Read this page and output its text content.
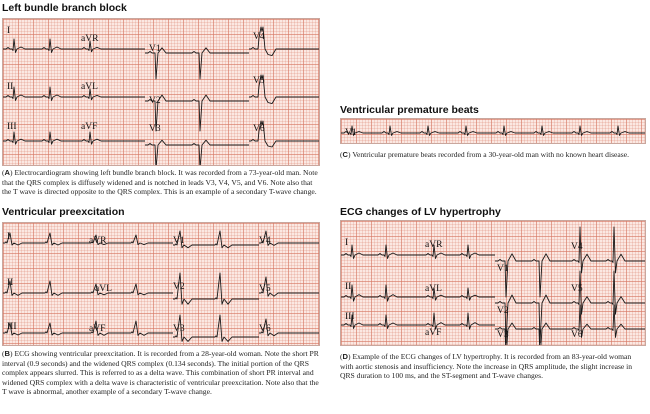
Left bundle branch block
I
aVR
V1
V4
II	aVL
V2
V5
III	aVF	V3	V6
(A) Electrocardiogram showing left bundle branch block. It was recorded from a 73-year-old man. Note that the QRS complex is diffusely widened and is notched in leads V3, V4, V5, and V6. Note also that the T wave is directed opposite to the QRS complex. This is an example of a secondary T-wave change.
Ventricular preexcitation
I	aVR	V1	V4
II
aVL	V2	V5
III	aVF	V3	V6
(B) ECG showing ventricular preexcitation. It is recorded from a 28-year-old woman. Note the short PR interval (0.9 seconds) and the widened QRS complex (0.134 seconds). The initial portion of the QRS complex appears slurred. This is referred to as a delta wave. This combination of short PR interval and widened QRS complex with a delta wave is characteristic of ventricular preexcitation. Note also that the T wave is abnormal, another example of a secondary T-wave change.
Ventricular premature beats
V1
(C) Ventricular premature beats recorded from a 30-year-old man with no known heart disease.
ECG changes of LV hypertrophy
I	aVR
V1
V4
II	aVL
V2
V5
III
aVF	V3	V6
(D) Example of the ECG changes of LV hypertrophy. It is recorded from an 83-year-old woman with aortic stenosis and insufficiency. Note the increase in QRS amplitude, the slight increase in QRS duration to 100 ms, and the ST-segment and T-wave changes.
